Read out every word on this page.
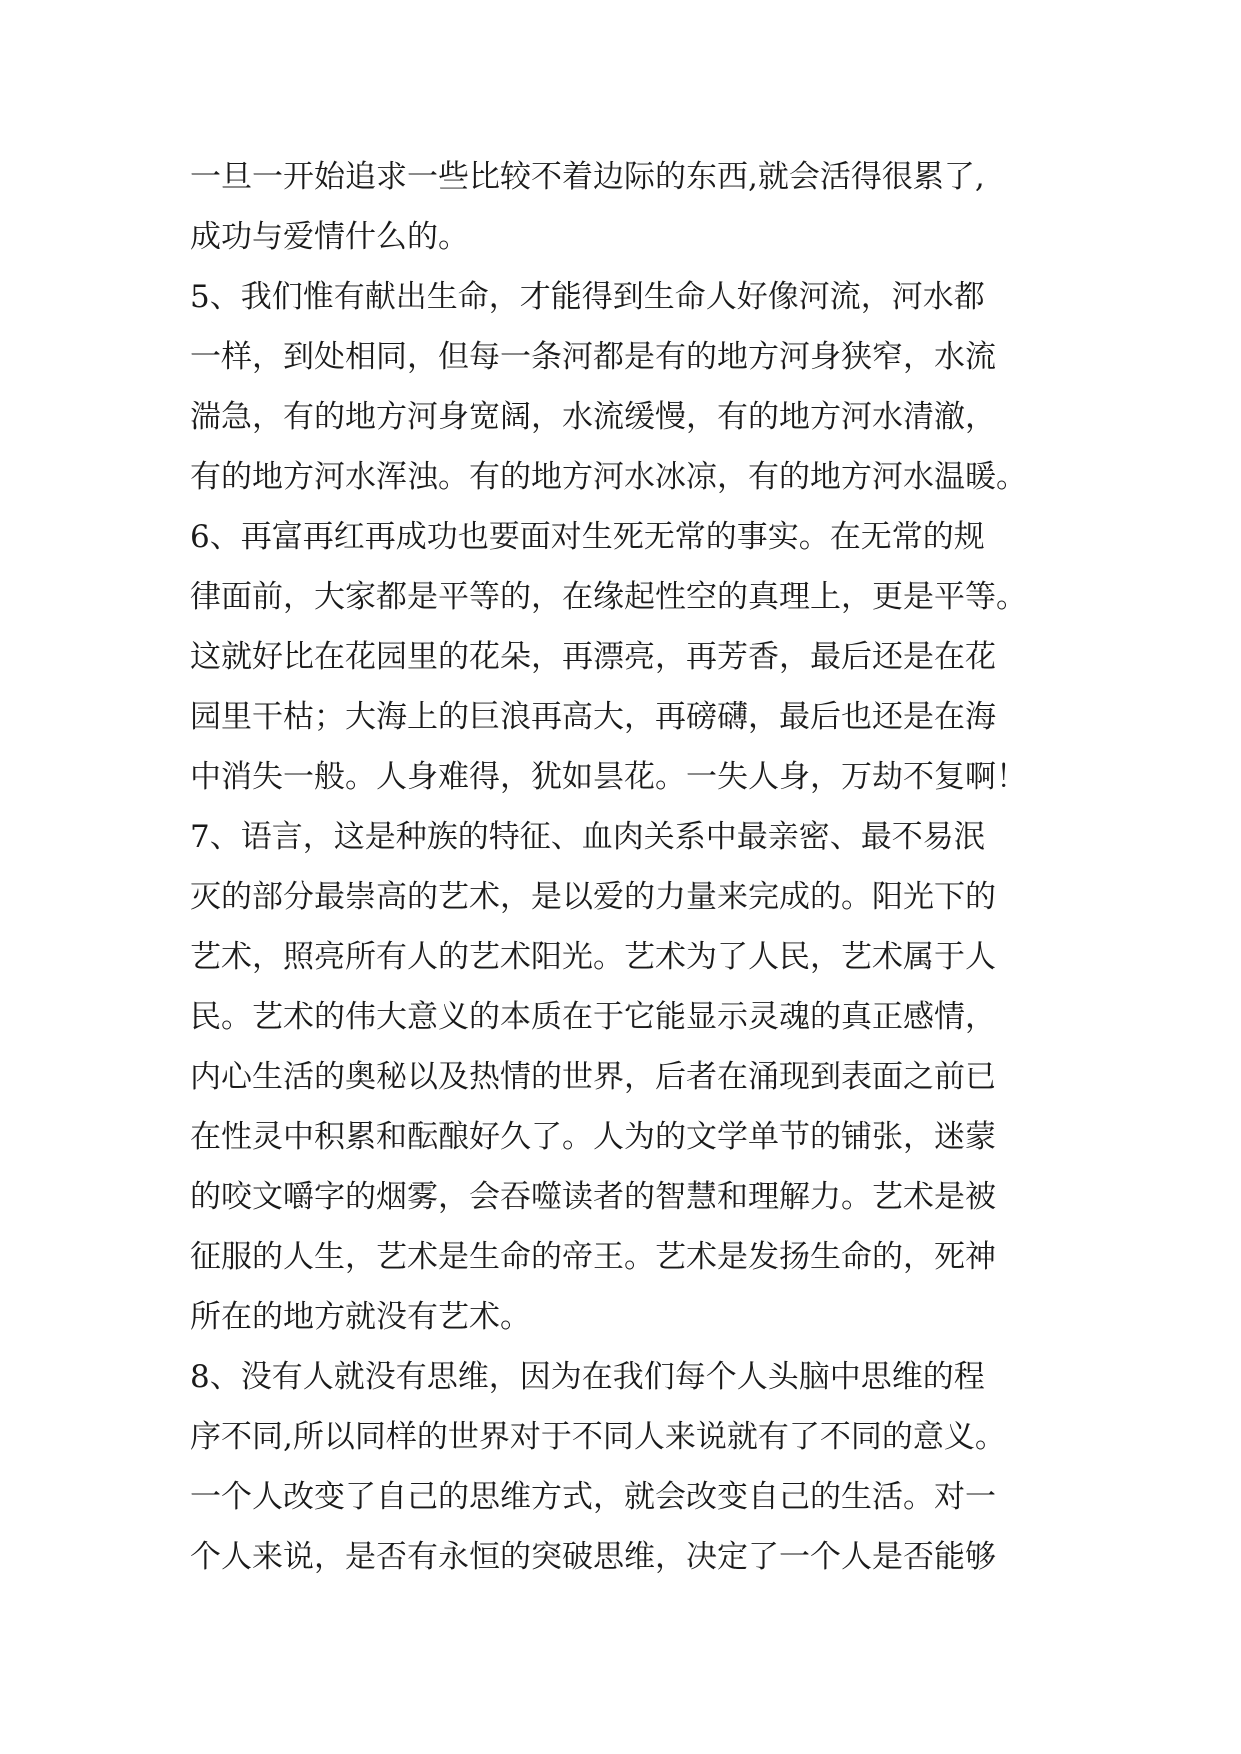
一旦一开始追求一些比较不着边际的东西,就会活得很累了,
成功与爱情什么的。
5、我们惟有献出生命，才能得到生命人好像河流，河水都
一样，到处相同，但每一条河都是有的地方河身狭窄，水流
湍急，有的地方河身宽阔，水流缓慢，有的地方河水清澈，
有的地方河水浑浊。有的地方河水冰凉，有的地方河水温暖。
6、再富再红再成功也要面对生死无常的事实。在无常的规
律面前，大家都是平等的，在缘起性空的真理上，更是平等。
这就好比在花园里的花朵，再漂亮，再芳香，最后还是在花
园里干枯；大海上的巨浪再高大，再磅礴，最后也还是在海
中消失一般。人身难得，犹如昙花。一失人身，万劫不复啊！
7、语言，这是种族的特征、血肉关系中最亲密、最不易泯
灭的部分最崇高的艺术，是以爱的力量来完成的。阳光下的
艺术，照亮所有人的艺术阳光。艺术为了人民，艺术属于人
民。艺术的伟大意义的本质在于它能显示灵魂的真正感情，
内心生活的奥秘以及热情的世界，后者在涌现到表面之前已
在性灵中积累和酝酿好久了。人为的文学单节的铺张，迷蒙
的咬文嚼字的烟雾，会吞噬读者的智慧和理解力。艺术是被
征服的人生，艺术是生命的帝王。艺术是发扬生命的，死神
所在的地方就没有艺术。
8、没有人就没有思维，因为在我们每个人头脑中思维的程
序不同,所以同样的世界对于不同人来说就有了不同的意义。
一个人改变了自己的思维方式，就会改变自己的生活。对一
个人来说，是否有永恒的突破思维，决定了一个人是否能够
